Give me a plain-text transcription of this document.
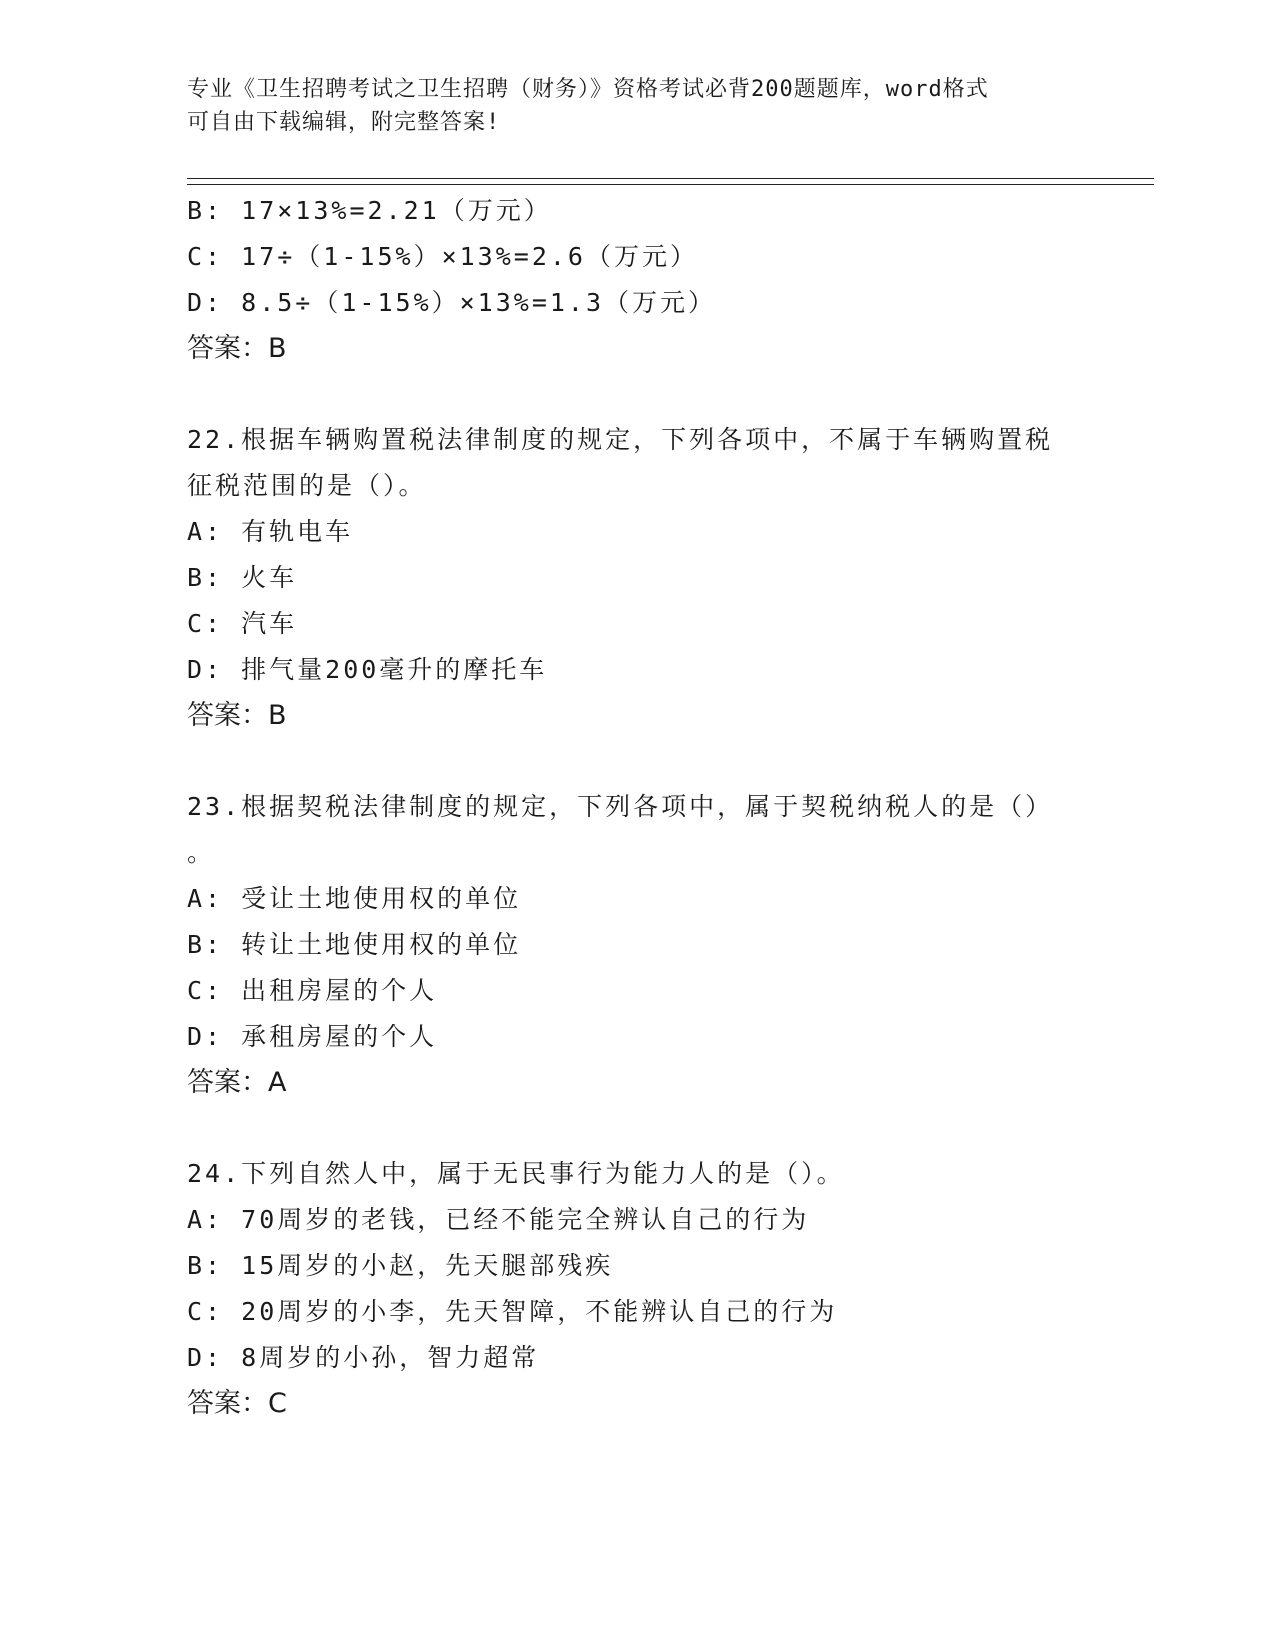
专业《卫生招聘考试之卫生招聘（财务）》资格考试必背200题题库，word格式
可自由下载编辑，附完整答案!
B: 17×13%=2.21（万元）
C: 17÷（1-15%）×13%=2.6（万元）
D: 8.5÷（1-15%）×13%=1.3（万元）
答案：B
22.根据车辆购置税法律制度的规定，下列各项中，不属于车辆购置税
征税范围的是（）。
A: 有轨电车
B: 火车
C: 汽车
D: 排气量200毫升的摩托车
答案：B
23.根据契税法律制度的规定，下列各项中，属于契税纳税人的是（）
。
A: 受让土地使用权的单位
B: 转让土地使用权的单位
C: 出租房屋的个人
D: 承租房屋的个人
答案：A
24.下列自然人中，属于无民事行为能力人的是（）。
A: 70周岁的老钱，已经不能完全辨认自己的行为
B: 15周岁的小赵，先天腿部残疾
C: 20周岁的小李，先天智障，不能辨认自己的行为
D: 8周岁的小孙，智力超常
答案：C
